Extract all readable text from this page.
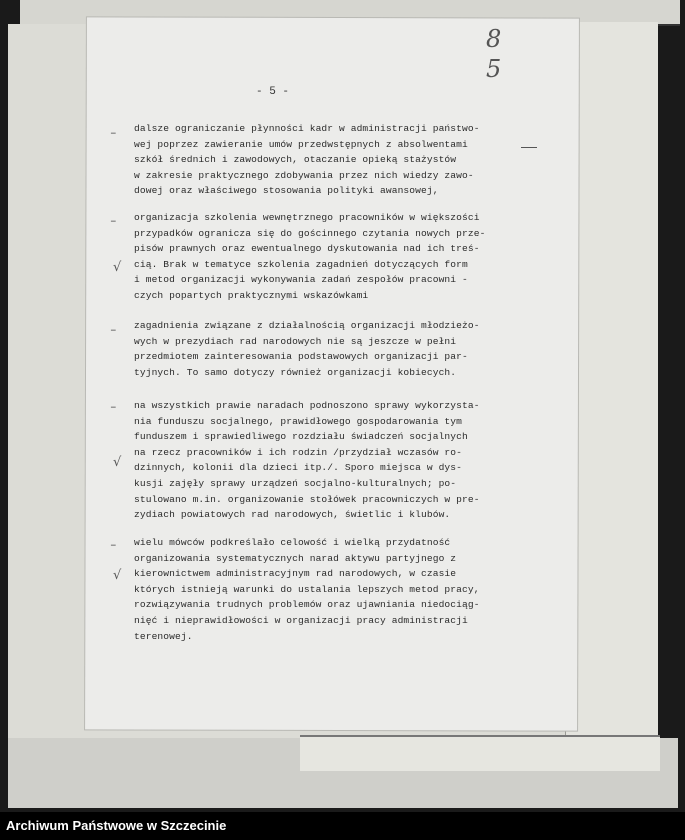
8
5
- 5 -
– dalsze ograniczanie płynności kadr w administracji państwo-
wej poprzez zawieranie umów przedwstępnych z absolwentami
szkół średnich i zawodowych, otaczanie opieką stażystów
w zakresie praktycznego zdobywania przez nich wiedzy zawo-
dowej oraz właściwego stosowania polityki awansowej,
–
√
organizacja szkolenia wewnętrznego pracowników w większości
przypadków ogranicza się do gościnnego czytania nowych prze-
pisów prawnych oraz ewentualnego dyskutowania nad ich treś-
cią. Brak w tematyce szkolenia zagadnień dotyczących form
i metod organizacji wykonywania zadań zespołów pracowni -
czych popartych praktycznymi wskazówkami
– zagadnienia związane z działalnością organizacji młodzieżo-
wych w prezydiach rad narodowych nie są jeszcze w pełni
przedmiotem zainteresowania podstawowych organizacji par-
tyjnych. To samo dotyczy również organizacji kobiecych.
–
√
na wszystkich prawie naradach podnoszono sprawy wykorzysta-
nia funduszu socjalnego, prawidłowego gospodarowania tym
funduszem i sprawiedliwego rozdziału świadczeń socjalnych
na rzecz pracowników i ich rodzin /przydział wczasów ro-
dzinnych, kolonii dla dzieci itp./. Sporo miejsca w dys-
kusji zajęły sprawy urządzeń socjalno-kulturalnych; po-
stulowano m.in. organizowanie stołówek pracowniczych w pre-
zydiach powiatowych rad narodowych, świetlic i klubów.
–
√
wielu mówców podkreślało celowość i wielką przydatność
organizowania systematycznych narad aktywu partyjnego z
kierownictwem administracyjnym rad narodowych, w czasie
których istnieją warunki do ustalania lepszych metod pracy,
rozwiązywania trudnych problemów oraz ujawniania niedociąg-
nięć i nieprawidłowości w organizacji pracy administracji
terenowej.
Archiwum Państwowe w Szczecinie
